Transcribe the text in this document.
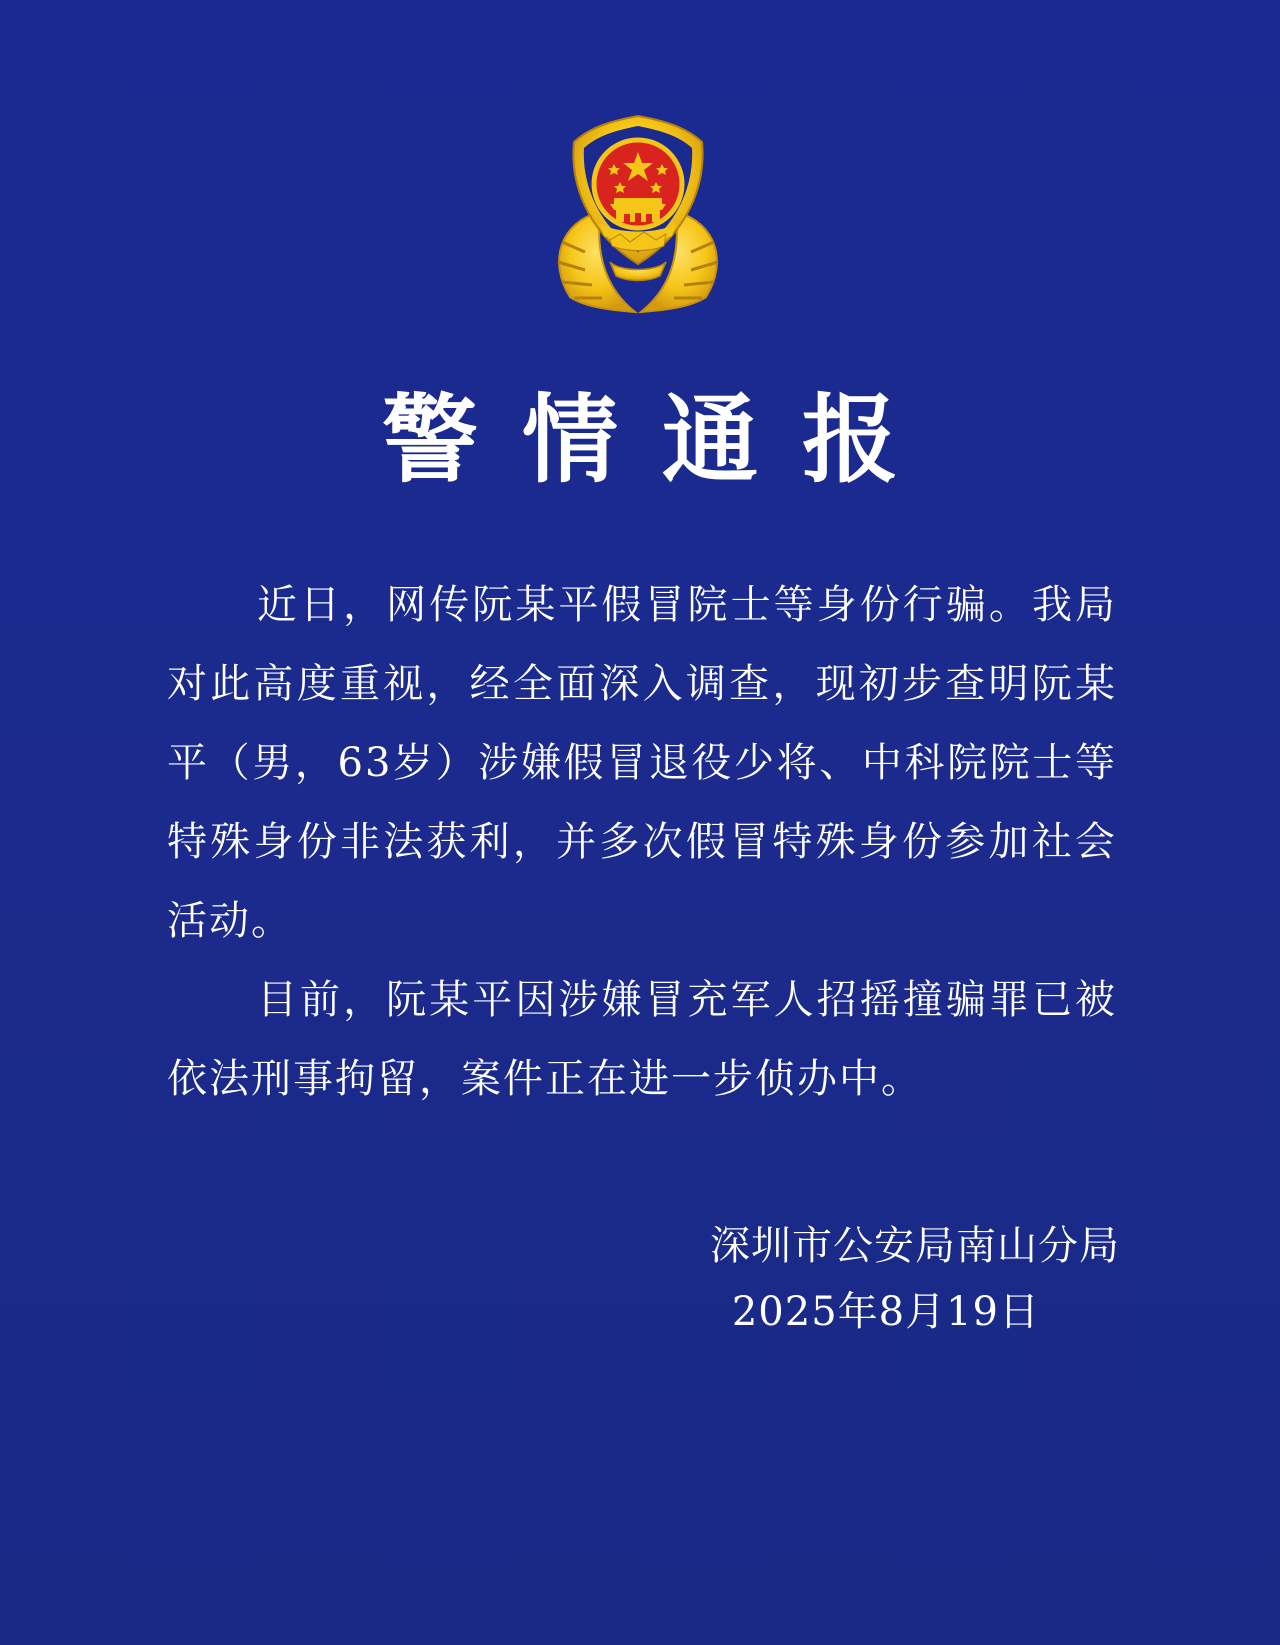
警情通报

近日，网传阮某平假冒院士等身份行骗。我局对此高度重视，经全面深入调查，现初步查明阮某平（男，63岁）涉嫌假冒退役少将、中科院院士等特殊身份非法获利，并多次假冒特殊身份参加社会活动。

目前，阮某平因涉嫌冒充军人招摇撞骗罪已被依法刑事拘留，案件正在进一步侦办中。

深圳市公安局南山分局
2025年8月19日
